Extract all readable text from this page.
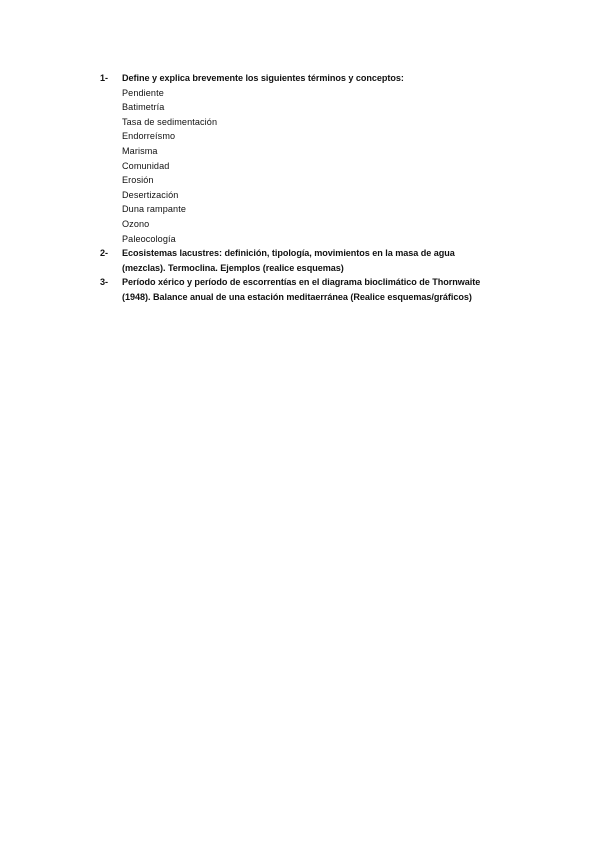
1- Define y explica brevemente los siguientes términos y conceptos:
Pendiente
Batimetría
Tasa de sedimentación
Endorreísmo
Marisma
Comunidad
Erosión
Desertización
Duna rampante
Ozono
Paleocología
2- Ecosistemas lacustres: definición, tipología, movimientos en la masa de agua
(mezclas). Termoclina. Ejemplos (realice esquemas)
3- Período xérico y período de escorrentías en el diagrama bioclimático de Thornwaite
(1948). Balance anual de una estación meditaerránea (Realice esquemas/gráficos)
